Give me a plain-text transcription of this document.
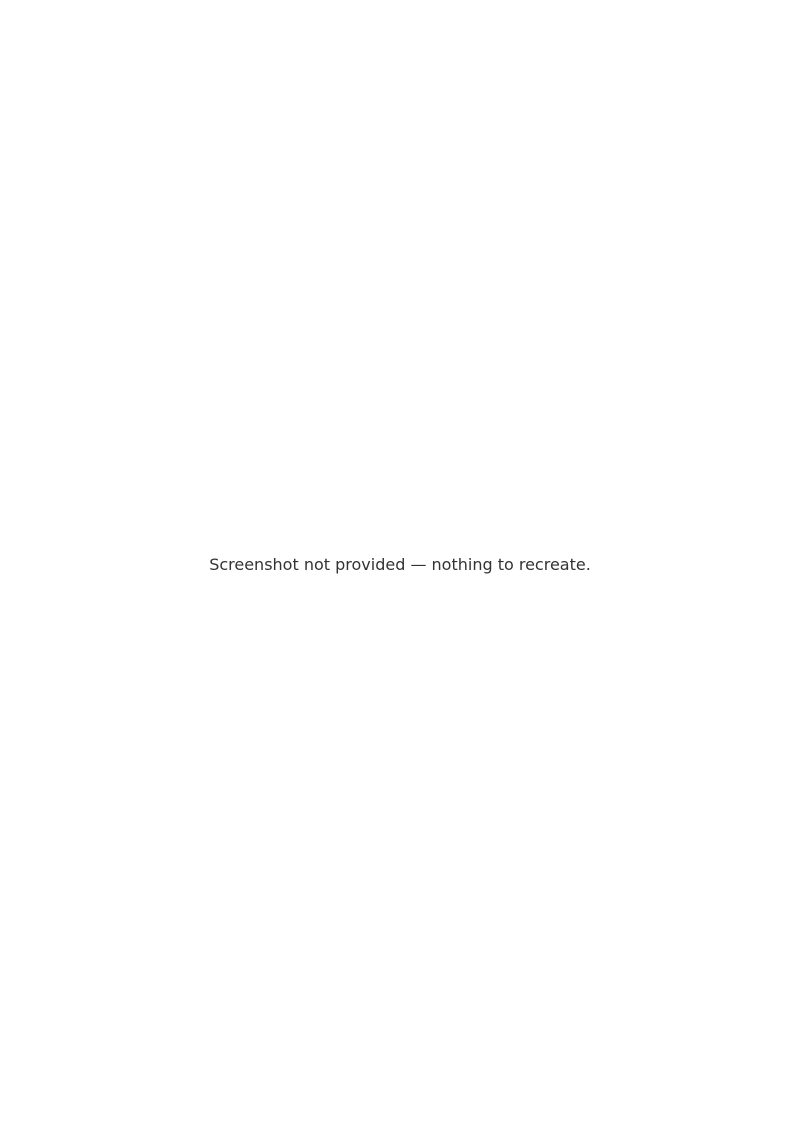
Screenshot not provided — nothing to recreate.
